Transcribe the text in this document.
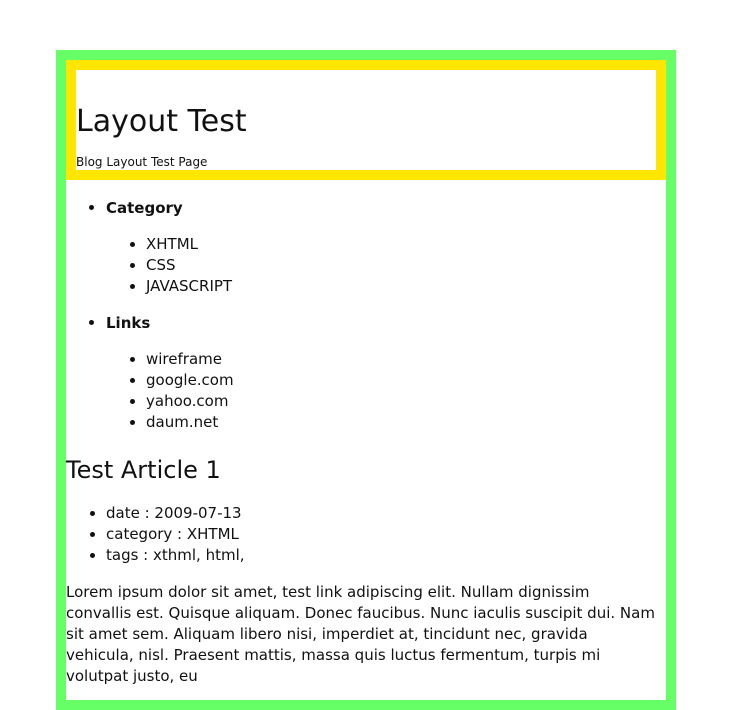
Layout Test

Blog Layout Test Page

• Category
• XHTML
• CSS
• JAVASCRIPT
• Links
• wireframe
• google.com
• yahoo.com
• daum.net
Test Article 1
• date : 2009-07-13
• category : XHTML
• tags : xthml, html,

Lorem ipsum dolor sit amet, test link adipiscing elit. Nullam dignissim convallis est. Quisque aliquam. Donec faucibus. Nunc iaculis suscipit dui. Nam sit amet sem. Aliquam libero nisi, imperdiet at, tincidunt nec, gravida vehicula, nisl. Praesent mattis, massa quis luctus fermentum, turpis mi volutpat justo, eu
